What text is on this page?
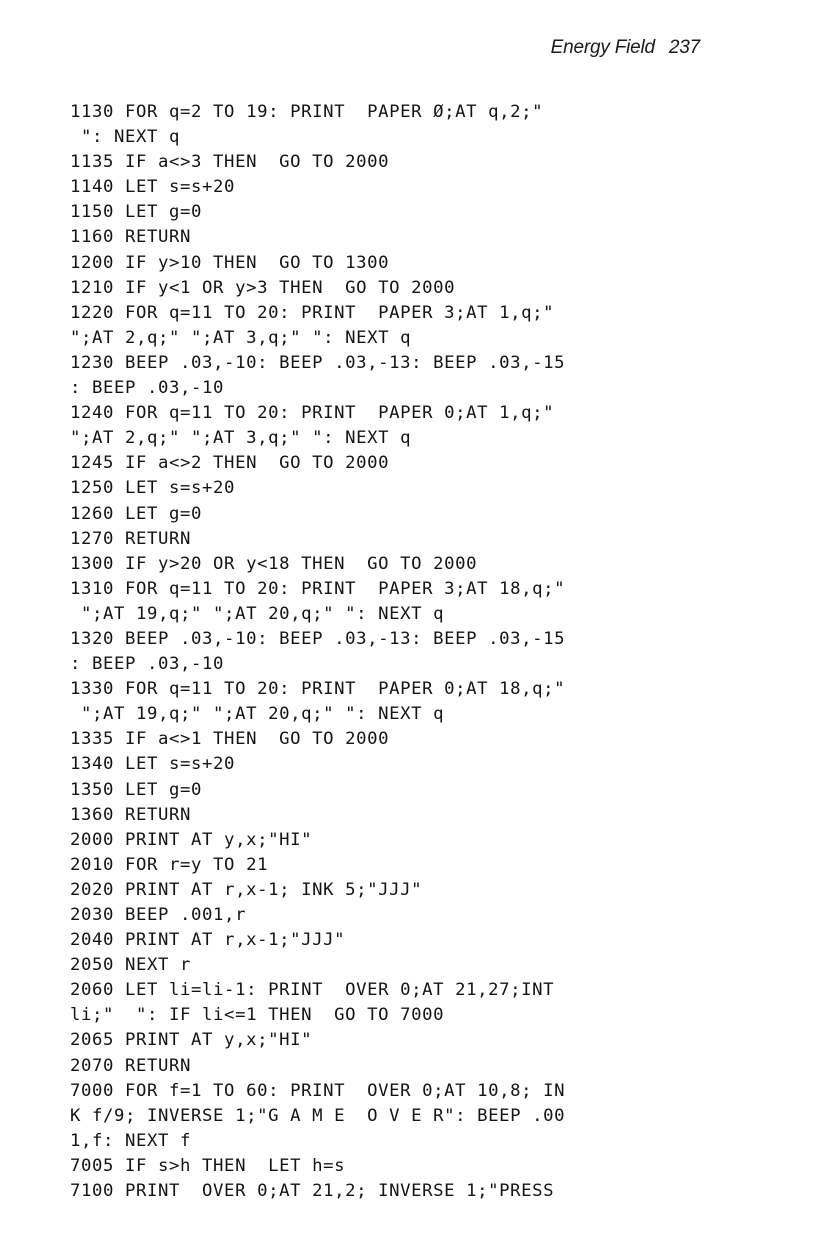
Energy Field 237
1130 FOR q=2 TO 19: PRINT  PAPER Ø;AT q,2;"
": NEXT q
1135 IF a<>3 THEN  GO TO 2000
1140 LET s=s+20
1150 LET g=0
1160 RETURN
1200 IF y>10 THEN  GO TO 1300
1210 IF y<1 OR y>3 THEN  GO TO 2000
1220 FOR q=11 TO 20: PRINT  PAPER 3;AT 1,q;"
";AT 2,q;" ";AT 3,q;" ": NEXT q
1230 BEEP .03,-10: BEEP .03,-13: BEEP .03,-15
: BEEP .03,-10
1240 FOR q=11 TO 20: PRINT  PAPER 0;AT 1,q;"
";AT 2,q;" ";AT 3,q;" ": NEXT q
1245 IF a<>2 THEN  GO TO 2000
1250 LET s=s+20
1260 LET g=0
1270 RETURN
1300 IF y>20 OR y<18 THEN  GO TO 2000
1310 FOR q=11 TO 20: PRINT  PAPER 3;AT 18,q;"
";AT 19,q;" ";AT 20,q;" ": NEXT q
1320 BEEP .03,-10: BEEP .03,-13: BEEP .03,-15
: BEEP .03,-10
1330 FOR q=11 TO 20: PRINT  PAPER 0;AT 18,q;"
";AT 19,q;" ";AT 20,q;" ": NEXT q
1335 IF a<>1 THEN  GO TO 2000
1340 LET s=s+20
1350 LET g=0
1360 RETURN
2000 PRINT AT y,x;"HI"
2010 FOR r=y TO 21
2020 PRINT AT r,x-1; INK 5;"JJJ"
2030 BEEP .001,r
2040 PRINT AT r,x-1;"JJJ"
2050 NEXT r
2060 LET li=li-1: PRINT  OVER 0;AT 21,27;INT
li;"  ": IF li<=1 THEN  GO TO 7000
2065 PRINT AT y,x;"HI"
2070 RETURN
7000 FOR f=1 TO 60: PRINT  OVER 0;AT 10,8; IN
K f/9; INVERSE 1;"G A M E  O V E R": BEEP .00
1,f: NEXT f
7005 IF s>h THEN  LET h=s
7100 PRINT  OVER 0;AT 21,2; INVERSE 1;"PRESS
